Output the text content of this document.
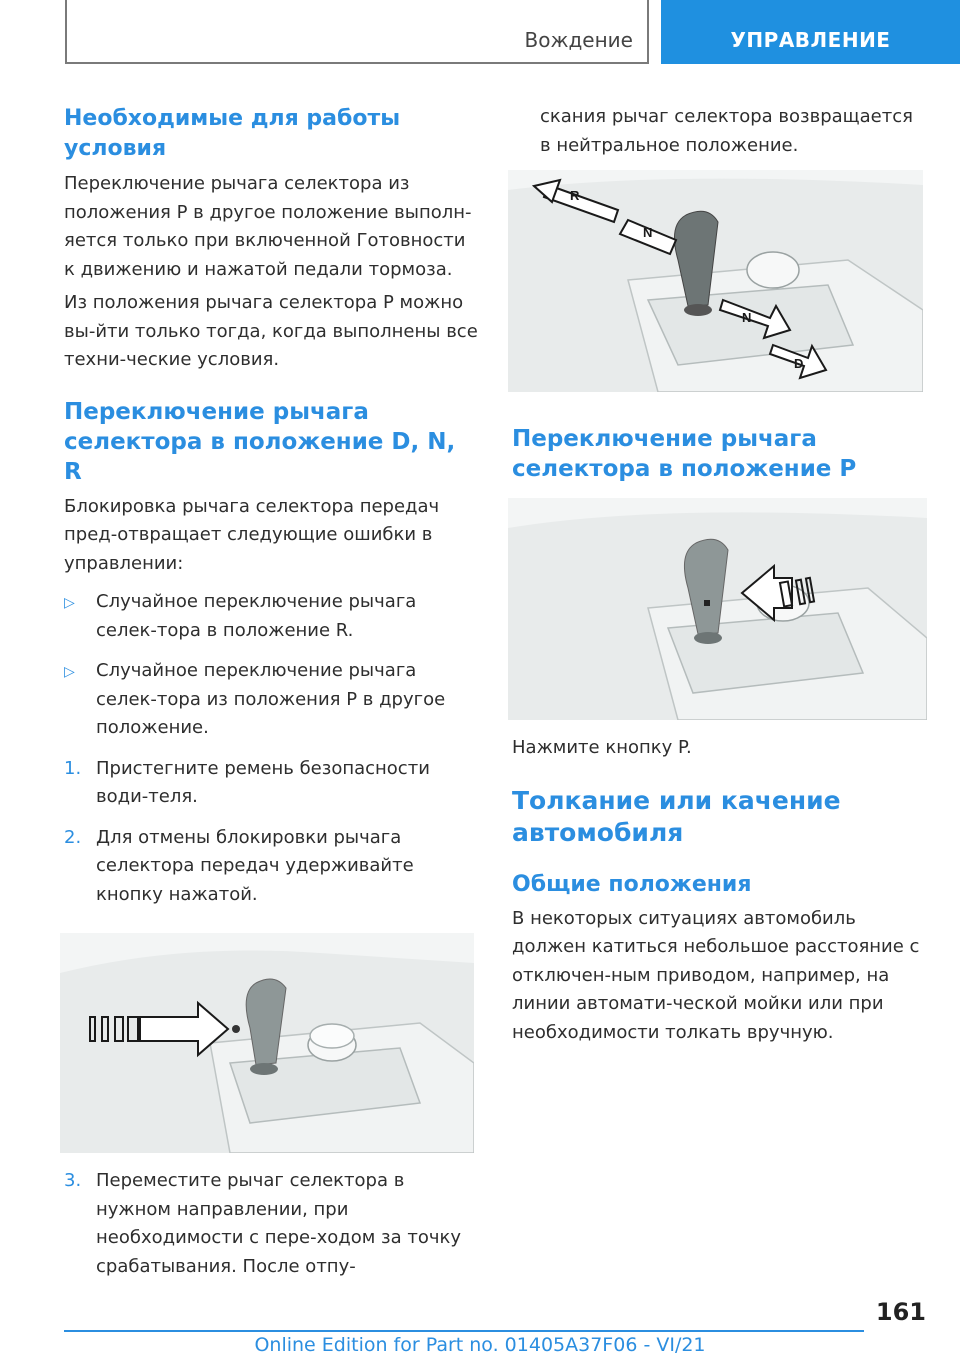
Вождение	УПРАВЛЕНИЕ
Необходимые для работы условия

Переключение рычага селектора из положения P в другое положение выполн‐яется только при включенной Готовности к движению и нажатой педали тормоза.

Из положения рычага селектора P можно вы‐йти только тогда, когда выполнены все техни‐ческие условия.

Переключение рычага селектора в положение D, N, R

Блокировка рычага селектора передач пред‐отвращает следующие ошибки в управлении:

▷ Случайное переключение рычага селек‐тора в положение R.
▷ Случайное переключение рычага селек‐тора из положения P в другое положение.
1. Пристегните ремень безопасности води‐теля.
2. Для отмены блокировки рычага селектора передач удерживайте кнопку нажатой.
3. Переместите рычаг селектора в нужном направлении, при необходимости с пере‐ходом за точку срабатывания. После отпу‐

скания рычаг селектора возвращается в нейтральное положение.

R
N
N
D
Переключение рычага селектора в положение P

Нажмите кнопку P.

Толкание или качение автомобиля
Общие положения

В некоторых ситуациях автомобиль должен катиться небольшое расстояние с отключен‐ным приводом, например, на линии автомати‐ческой мойки или при необходимости толкать вручную.

161
Online Edition for Part no. 01405A37F06 - VI/21
